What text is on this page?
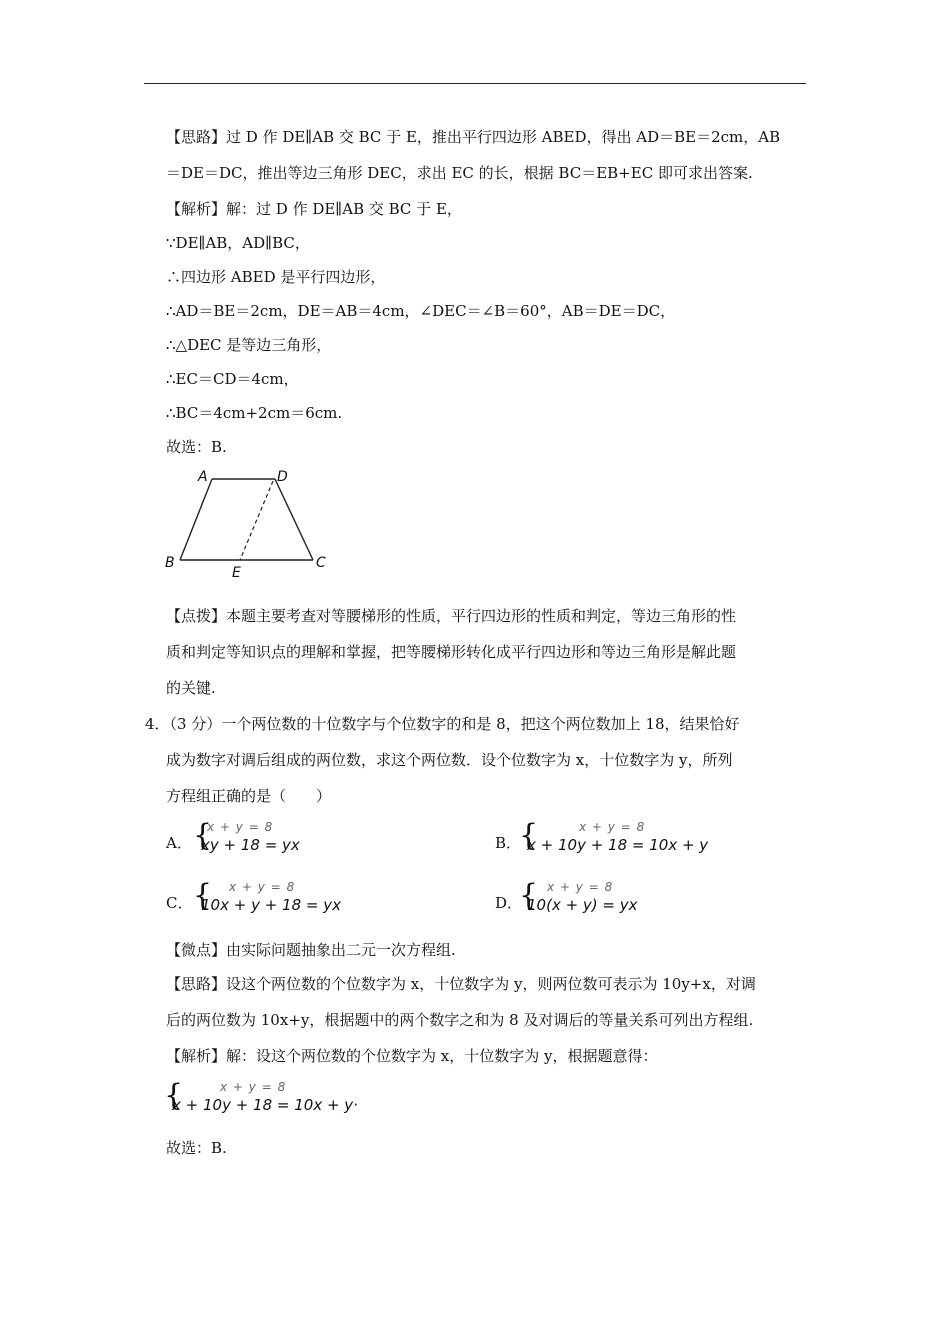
【思路】过 D 作 DE∥AB 交 BC 于 E，推出平行四边形 ABED，得出 AD＝BE＝2cm，AB
＝DE＝DC，推出等边三角形 DEC，求出 EC 的长，根据 BC＝EB+EC 即可求出答案.
【解析】解：过 D 作 DE∥AB 交 BC 于 E，
∵DE∥AB，AD∥BC，
∴四边形 ABED 是平行四边形，
∴AD＝BE＝2cm，DE＝AB＝4cm，∠DEC＝∠B＝60°，AB＝DE＝DC，
∴△DEC 是等边三角形，
∴EC＝CD＝4cm，
∴BC＝4cm+2cm＝6cm.
故选：B.
A	D
B
E
C
【点拨】本题主要考查对等腰梯形的性质，平行四边形的性质和判定，等边三角形的性
质和判定等知识点的理解和掌握，把等腰梯形转化成平行四边形和等边三角形是解此题
的关键.
4．（3 分）一个两位数的十位数字与个位数字的和是 8，把这个两位数加上 18，结果恰好
成为数字对调后组成的两位数，求这个两位数．设个位数字为 x，十位数字为 y，所列
方程组正确的是（　　）
A． {
x + y = 8
xy + 18 = yx	B．
{	x + y = 8
x + 10y + 18 = 10x + y
C． { x + y = 8
10x + y + 18 = yx	D．
{ x + y = 8
10(x + y) = yx
【微点】由实际问题抽象出二元一次方程组.
【思路】设这个两位数的个位数字为 x，十位数字为 y，则两位数可表示为 10y+x，对调
后的两位数为 10x+y，根据题中的两个数字之和为 8 及对调后的等量关系可列出方程组.
【解析】解：设这个两位数的个位数字为 x，十位数字为 y，根据题意得：
{	x + y = 8
x + 10y + 18 = 10x + y·
故选：B.
